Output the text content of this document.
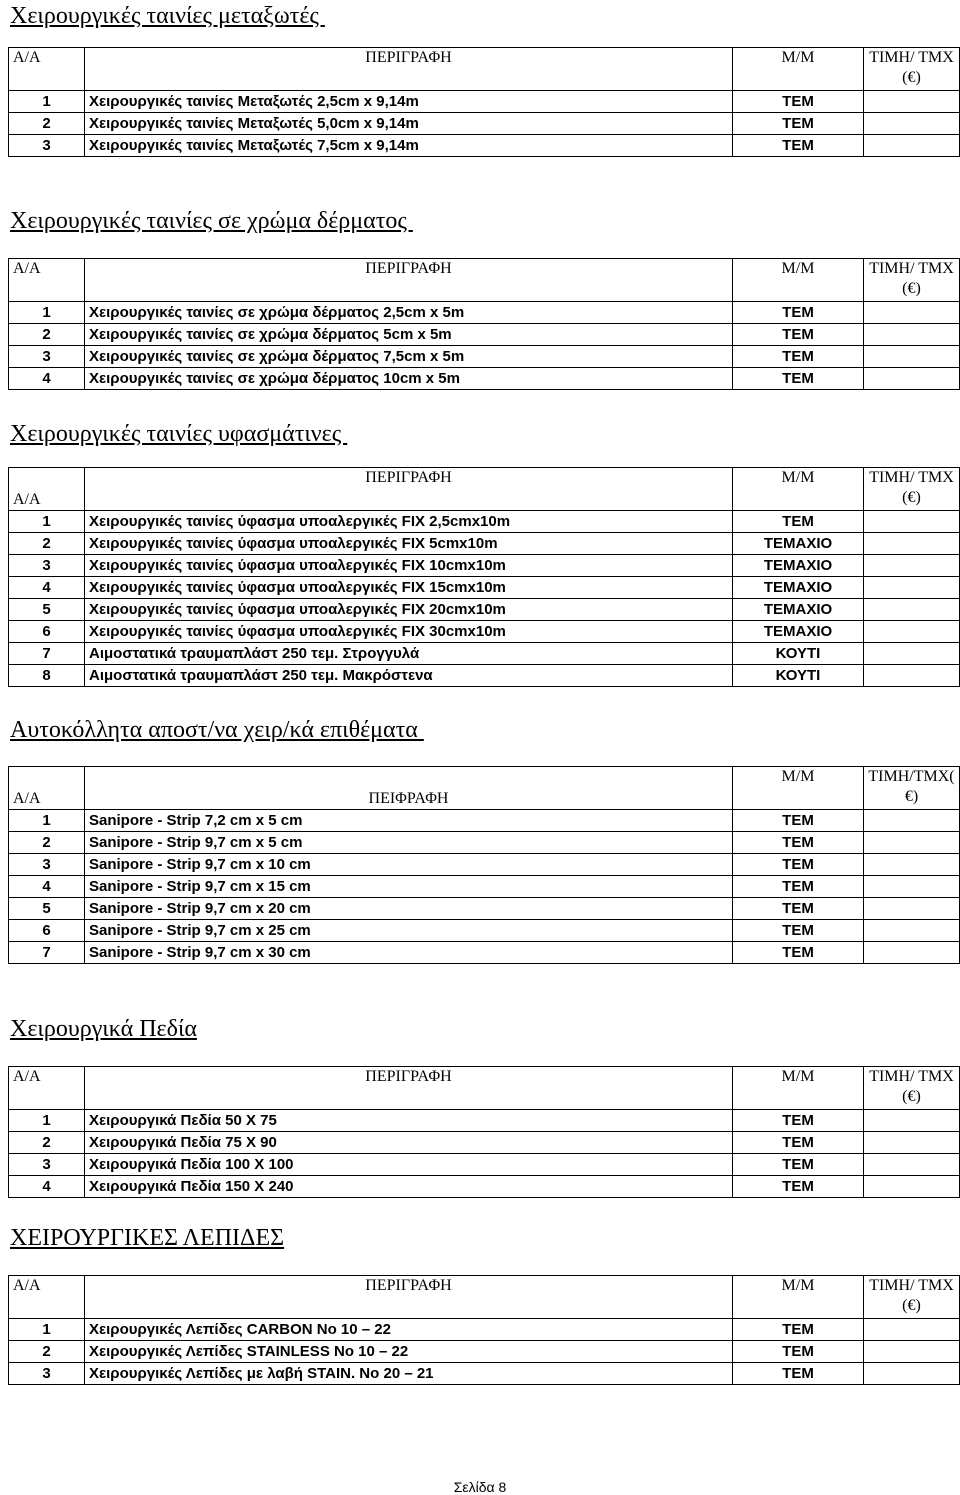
Χειρουργικές ταινίες μεταξωτές
Α/Α	ΠΕΡΙΓΡΑΦΗ	Μ/Μ	ΤΙΜΗ/ ΤΜΧ
(€)

1	Χειρουργικές ταινίες Μεταξωτές 2,5cm x 9,14m	ΤΕΜ	
2	Χειρουργικές ταινίες Μεταξωτές 5,0cm x 9,14m	ΤΕΜ	
3	Χειρουργικές ταινίες Μεταξωτές 7,5cm x 9,14m	ΤΕΜ	
Χειρουργικές ταινίες σε χρώμα δέρματος
Α/Α	ΠΕΡΙΓΡΑΦΗ	Μ/Μ	ΤΙΜΗ/ ΤΜΧ
(€)

1	Χειρουργικές ταινίες σε χρώμα δέρματος 2,5cm x 5m	ΤΕΜ	
2	Χειρουργικές ταινίες σε χρώμα δέρματος 5cm x 5m	ΤΕΜ	
3	Χειρουργικές ταινίες σε χρώμα δέρματος 7,5cm x 5m	ΤΕΜ	
4	Χειρουργικές ταινίες σε χρώμα δέρματος 10cm x 5m	ΤΕΜ	
Χειρουργικές ταινίες υφασμάτινες
Α/Α	ΠΕΡΙΓΡΑΦΗ	Μ/Μ	ΤΙΜΗ/ ΤΜΧ
(€)

1	Χειρουργικές ταινίες ύφασμα υποαλεργικές FIX 2,5cmx10m	ΤΕΜ	
2	Χειρουργικές ταινίες ύφασμα υποαλεργικές FIX 5cmx10m	ΤΕΜΑΧΙΟ	
3	Χειρουργικές ταινίες ύφασμα υποαλεργικές FIX 10cmx10m	ΤΕΜΑΧΙΟ	
4	Χειρουργικές ταινίες ύφασμα υποαλεργικές FIX 15cmx10m	ΤΕΜΑΧΙΟ	
5	Χειρουργικές ταινίες ύφασμα υποαλεργικές FIX 20cmx10m	ΤΕΜΑΧΙΟ	
6	Χειρουργικές ταινίες ύφασμα υποαλεργικές FIX 30cmx10m	ΤΕΜΑΧΙΟ	
7	Αιμοστατικά τραυμαπλάστ 250 τεμ. Στρογγυλά	ΚΟΥΤΙ	
8	Αιμοστατικά τραυμαπλάστ 250 τεμ. Μακρόστενα	ΚΟΥΤΙ	
Αυτοκόλλητα αποστ/να χειρ/κά επιθέματα
Α/Α	ΠΕΙΦΡΑΦΗ	Μ/Μ	ΤΙΜΗ/ΤΜΧ(
€)

1	Sanipore - Strip 7,2 cm x 5 cm	ΤΕΜ	
2	Sanipore - Strip 9,7 cm x 5 cm	ΤΕΜ	
3	Sanipore - Strip 9,7 cm x 10 cm	ΤΕΜ	
4	Sanipore - Strip 9,7 cm x 15 cm	ΤΕΜ	
5	Sanipore - Strip 9,7 cm x 20 cm	ΤΕΜ	
6	Sanipore - Strip 9,7 cm x 25 cm	ΤΕΜ	
7	Sanipore - Strip 9,7 cm x 30 cm	ΤΕΜ	
Χειρουργικά Πεδία
Α/Α	ΠΕΡΙΓΡΑΦΗ	Μ/Μ	ΤΙΜΗ/ ΤΜΧ
(€)

1	Χειρουργικά Πεδία 50 Χ 75	ΤΕΜ	
2	Χειρουργικά Πεδία 75 Χ 90	ΤΕΜ	
3	Χειρουργικά Πεδία 100 Χ 100	ΤΕΜ	
4	Χειρουργικά Πεδία 150 Χ 240	ΤΕΜ	
ΧΕΙΡΟΥΡΓΙΚΕΣ ΛΕΠΙΔΕΣ
Α/Α	ΠΕΡΙΓΡΑΦΗ	Μ/Μ	ΤΙΜΗ/ ΤΜΧ
(€)

1	Χειρουργικές Λεπίδες CARBON No 10 – 22	ΤΕΜ	
2	Χειρουργικές Λεπίδες STAINLESS No 10 – 22	ΤΕΜ	
3	Χειρουργικές Λεπίδες με λαβή STAIN. No 20 – 21	ΤΕΜ	
Σελίδα 8
